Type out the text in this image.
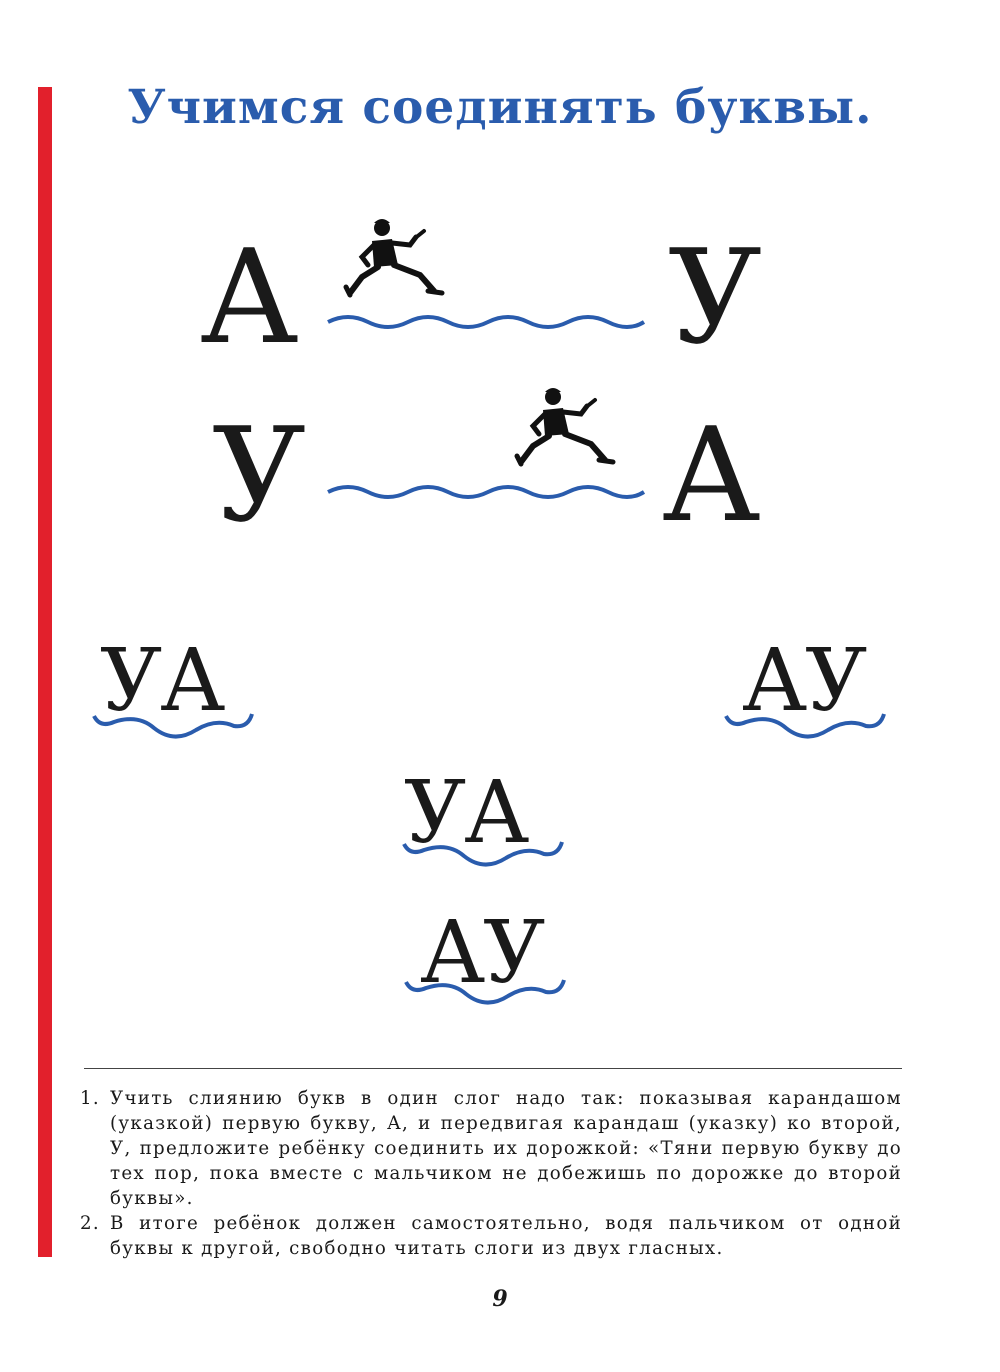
Учимся соединять буквы.
А	У
У	А
УА	АУ
УА
АУ
1. Учить слиянию букв в один слог надо так: показывая карандашом (указкой) первую букву, А, и передвигая карандаш (указку) ко второй, У, предложите ребёнку соединить их дорожкой: «Тяни первую букву до тех пор, пока вместе с мальчиком не добежишь по дорожке до второй буквы».
2. В итоге ребёнок должен самостоятельно, водя пальчиком от одной буквы к другой, свободно читать слоги из двух гласных.
9
